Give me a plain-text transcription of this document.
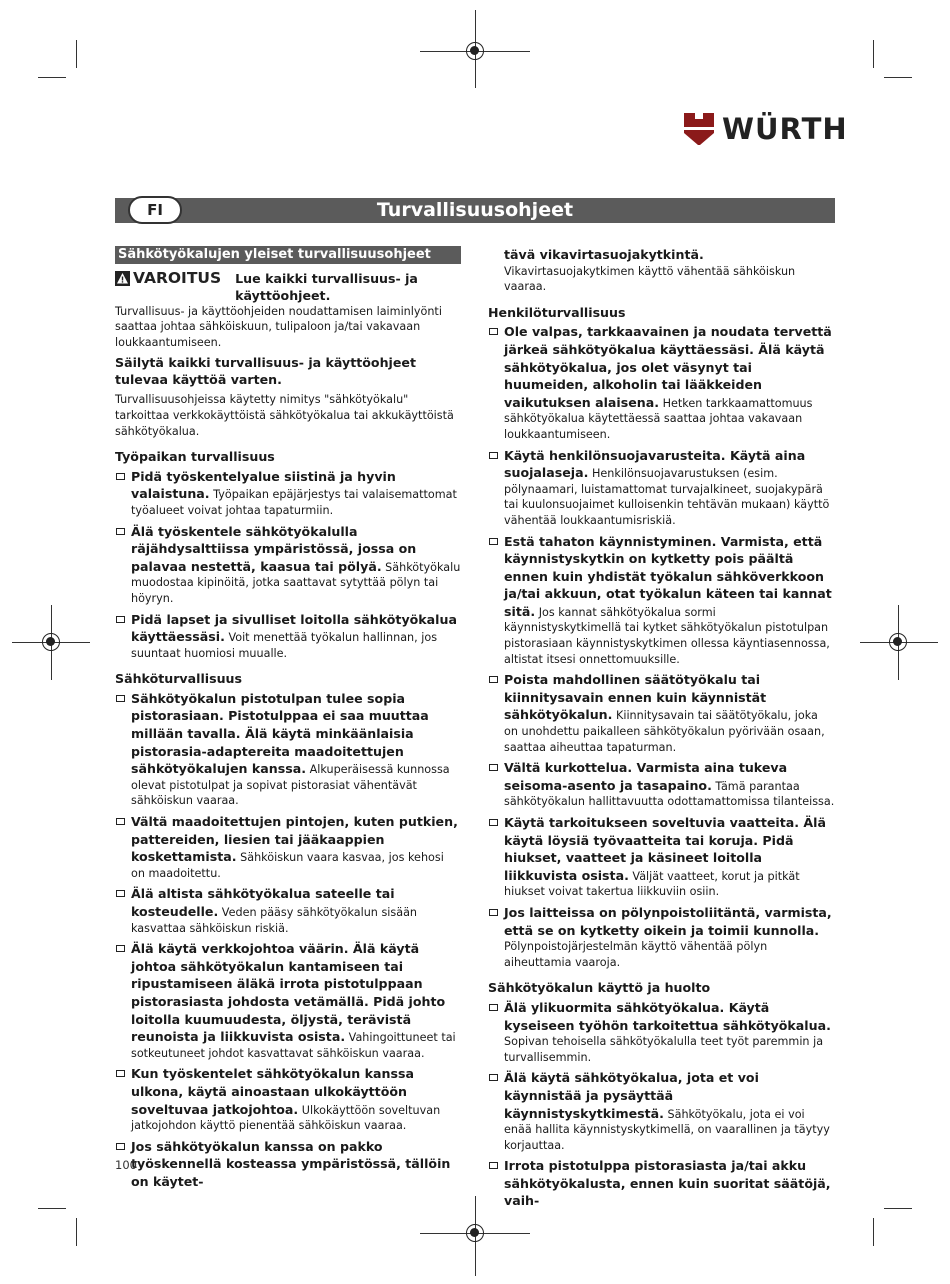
WÜRTH
Turvallisuusohjeet
FI
Sähkötyökalujen yleiset turvallisuusohjeet
VAROITUS Lue kaikki turvallisuus- ja käyttöohjeet.

Turvallisuus- ja käyttöohjeiden noudattamisen laiminlyönti saattaa johtaa sähköiskuun, tulipaloon ja/tai vakavaan loukkaantumiseen.

Säilytä kaikki turvallisuus- ja käyttöohjeet tulevaa käyttöä varten.

Turvallisuusohjeissa käytetty nimitys "sähkötyökalu" tarkoittaa verkkokäyttöistä sähkötyökalua tai akkukäyttöistä sähkötyökalua.

Työpaikan turvallisuus
Pidä työskentelyalue siistinä ja hyvin valaistuna. Työpaikan epäjärjestys tai valaisemattomat työalueet voivat johtaa tapaturmiin.
Älä työskentele sähkötyökalulla räjähdysalttiissa ympäristössä, jossa on palavaa nestettä, kaasua tai pölyä. Sähkötyökalu muodostaa kipinöitä, jotka saattavat sytyttää pölyn tai höyryn.
Pidä lapset ja sivulliset loitolla sähkötyökalua käyttäessäsi. Voit menettää työkalun hallinnan, jos suuntaat huomiosi muualle.
Sähköturvallisuus
Sähkötyökalun pistotulpan tulee sopia pistorasiaan. Pistotulppaa ei saa muuttaa millään tavalla. Älä käytä minkäänlaisia pistorasia-adaptereita maadoitettujen sähkötyökalujen kanssa. Alkuperäisessä kunnossa olevat pistotulpat ja sopivat pistorasiat vähentävät sähköiskun vaaraa.
Vältä maadoitettujen pintojen, kuten putkien, pattereiden, liesien tai jääkaappien koskettamista. Sähköiskun vaara kasvaa, jos kehosi on maadoitettu.
Älä altista sähkötyökalua sateelle tai kosteudelle. Veden pääsy sähkötyökalun sisään kasvattaa sähköiskun riskiä.
Älä käytä verkkojohtoa väärin. Älä käytä johtoa sähkötyökalun kantamiseen tai ripustamiseen äläkä irrota pistotulppaan pistorasiasta johdosta vetämällä. Pidä johto loitolla kuumuudesta, öljystä, terävistä reunoista ja liikkuvista osista. Vahingoittuneet tai sotkeutuneet johdot kasvattavat sähköiskun vaaraa.
Kun työskentelet sähkötyökalun kanssa ulkona, käytä ainoastaan ulkokäyttöön soveltuvaa jatkojohtoa. Ulkokäyttöön soveltuvan jatkojohdon käyttö pienentää sähköiskun vaaraa.
Jos sähkötyökalun kanssa on pakko työskennellä kosteassa ympäristössä, tällöin on käytet-

tävä vikavirtasuojakytkintä. Vikavirtasuojakytkimen käyttö vähentää sähköiskun vaaraa.

Henkilöturvallisuus
Ole valpas, tarkkaavainen ja noudata tervettä järkeä sähkötyökalua käyttäessäsi. Älä käytä sähkötyökalua, jos olet väsynyt tai huumeiden, alkoholin tai lääkkeiden vaikutuksen alaisena. Hetken tarkkaamattomuus sähkötyökalua käytettäessä saattaa johtaa vakavaan loukkaantumiseen.
Käytä henkilönsuojavarusteita. Käytä aina suojalaseja. Henkilönsuojavarustuksen (esim. pölynaamari, luistamattomat turvajalkineet, suojakypärä tai kuulonsuojaimet kulloisenkin tehtävän mukaan) käyttö vähentää loukkaantumisriskiä.
Estä tahaton käynnistyminen. Varmista, että käynnistyskytkin on kytketty pois päältä ennen kuin yhdistät työkalun sähköverkkoon ja/tai akkuun, otat työkalun käteen tai kannat sitä. Jos kannat sähkötyökalua sormi käynnistyskytkimellä tai kytket sähkötyökalun pistotulpan pistorasiaan käynnistyskytkimen ollessa käyntiasennossa, altistat itsesi onnettomuuksille.
Poista mahdollinen säätötyökalu tai kiinnitysavain ennen kuin käynnistät sähkötyökalun. Kiinnitysavain tai säätötyökalu, joka on unohdettu paikalleen sähkötyökalun pyörivään osaan, saattaa aiheuttaa tapaturman.
Vältä kurkottelua. Varmista aina tukeva seisoma-asento ja tasapaino. Tämä parantaa sähkötyökalun hallittavuutta odottamattomissa tilanteissa.
Käytä tarkoitukseen soveltuvia vaatteita. Älä käytä löysiä työvaatteita tai koruja. Pidä hiukset, vaatteet ja käsineet loitolla liikkuvista osista. Väljät vaatteet, korut ja pitkät hiukset voivat takertua liikkuviin osiin.
Jos laitteissa on pölynpoistoliitäntä, varmista, että se on kytketty oikein ja toimii kunnolla. Pölynpoistojärjestelmän käyttö vähentää pölyn aiheuttamia vaaroja.
Sähkötyökalun käyttö ja huolto
Älä ylikuormita sähkötyökalua. Käytä kyseiseen työhön tarkoitettua sähkötyökalua. Sopivan tehoisella sähkötyökalulla teet työt paremmin ja turvallisemmin.
Älä käytä sähkötyökalua, jota et voi käynnistää ja pysäyttää käynnistyskytkimestä. Sähkötyökalu, jota ei voi enää hallita käynnistyskytkimellä, on vaarallinen ja täytyy korjauttaa.
Irrota pistotulppa pistorasiasta ja/tai akku sähkötyökalusta, ennen kuin suoritat säätöjä, vaih-
100
